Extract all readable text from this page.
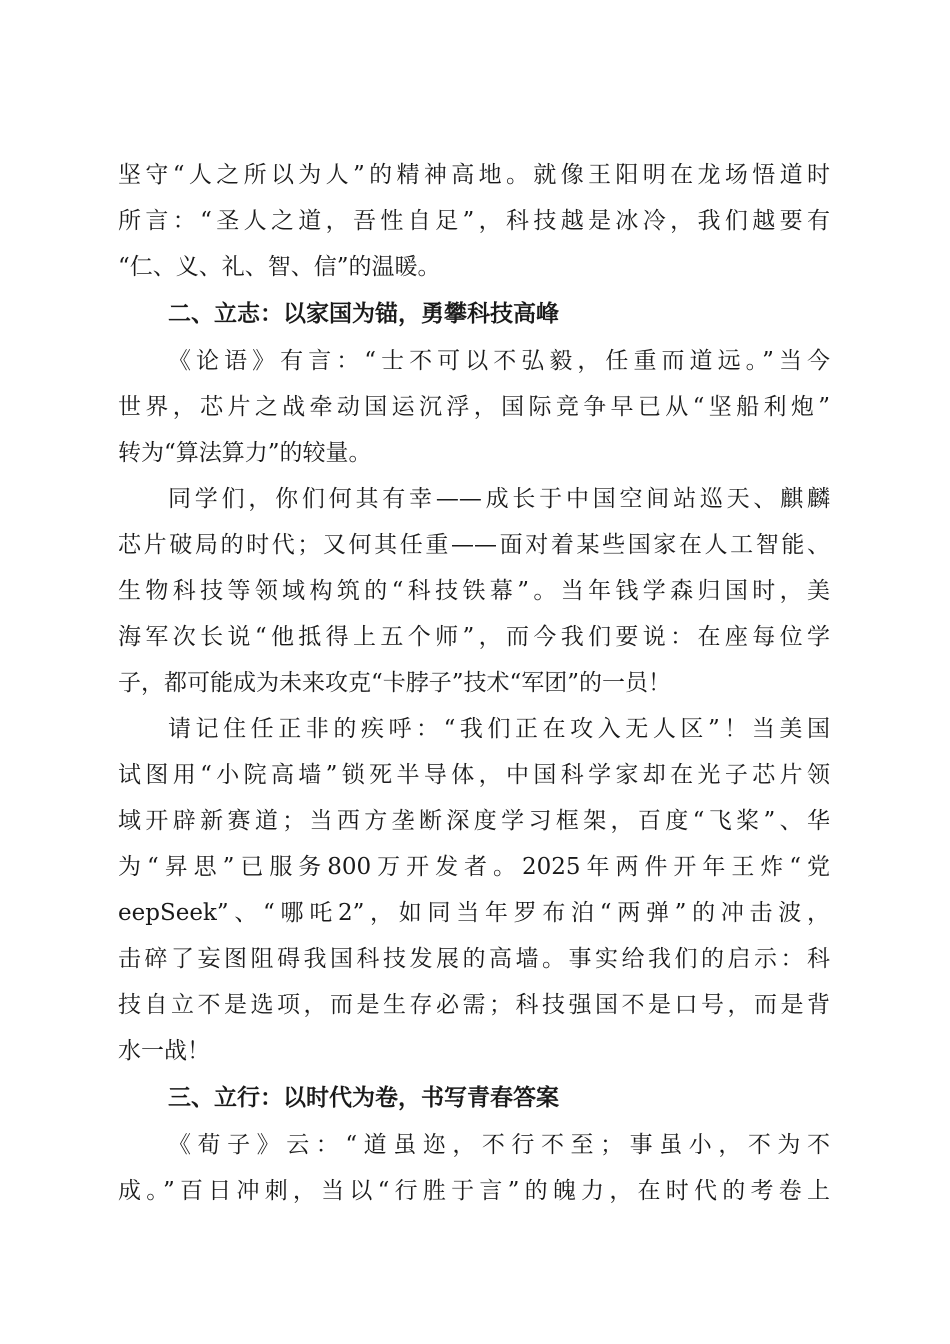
坚守“人之所以为人”的精神高地。就像王阳明在龙场悟道时
所言：“圣人之道，吾性自足”，科技越是冰冷，我们越要有
“仁、义、礼、智、信”的温暖。
二、立志：以家国为锚，勇攀科技高峰
《论语》有言：“士不可以不弘毅，任重而道远。”当今
世界，芯片之战牵动国运沉浮，国际竞争早已从“坚船利炮”
转为“算法算力”的较量。
同学们，你们何其有幸——成长于中国空间站巡天、麒麟
芯片破局的时代；又何其任重——面对着某些国家在人工智能、
生物科技等领域构筑的“科技铁幕”。当年钱学森归国时，美
海军次长说“他抵得上五个师”，而今我们要说：在座每位学
子，都可能成为未来攻克“卡脖子”技术“军团”的一员！
请记住任正非的疾呼：“我们正在攻入无人区”！当美国
试图用“小院高墙”锁死半导体，中国科学家却在光子芯片领
域开辟新赛道；当西方垄断深度学习框架，百度“飞桨”、华
为“昇思”已服务800万开发者。2025年两件开年王炸“党
eepSeek”、“哪吒2”，如同当年罗布泊“两弹”的冲击波，
击碎了妄图阻碍我国科技发展的高墙。事实给我们的启示：科
技自立不是选项，而是生存必需；科技强国不是口号，而是背
水一战！
三、立行：以时代为卷，书写青春答案
《荀子》云：“道虽迩，不行不至；事虽小，不为不
成。”百日冲刺，当以“行胜于言”的魄力，在时代的考卷上
